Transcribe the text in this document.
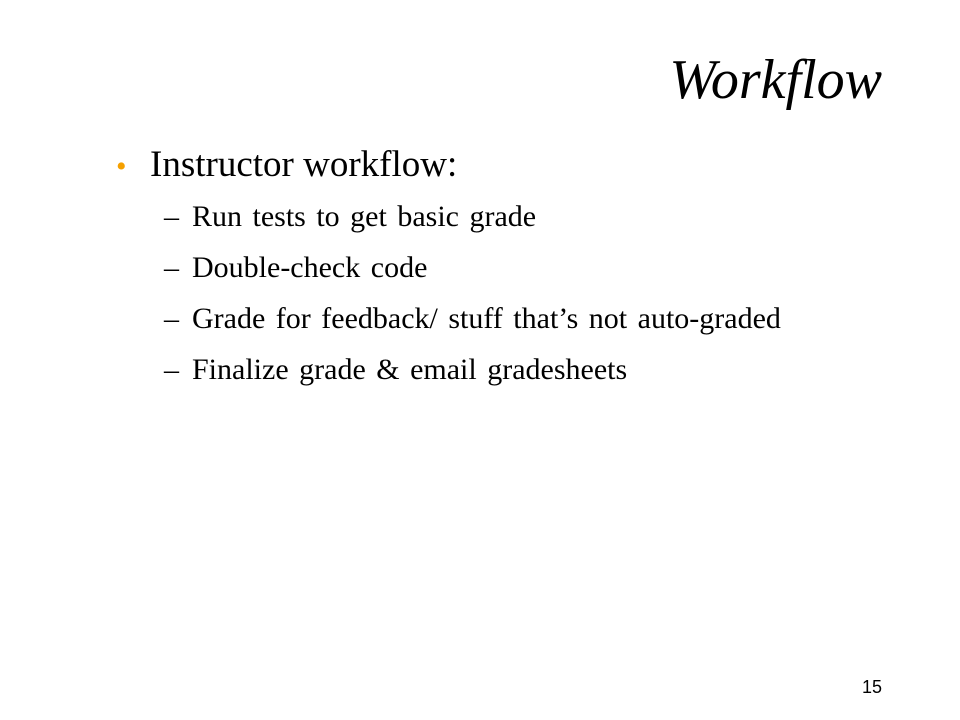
Workflow
• Instructor workflow:
– Run tests to get basic grade
– Double-check code
– Grade for feedback/ stuff that’s not auto-graded
– Finalize grade & email gradesheets
15
